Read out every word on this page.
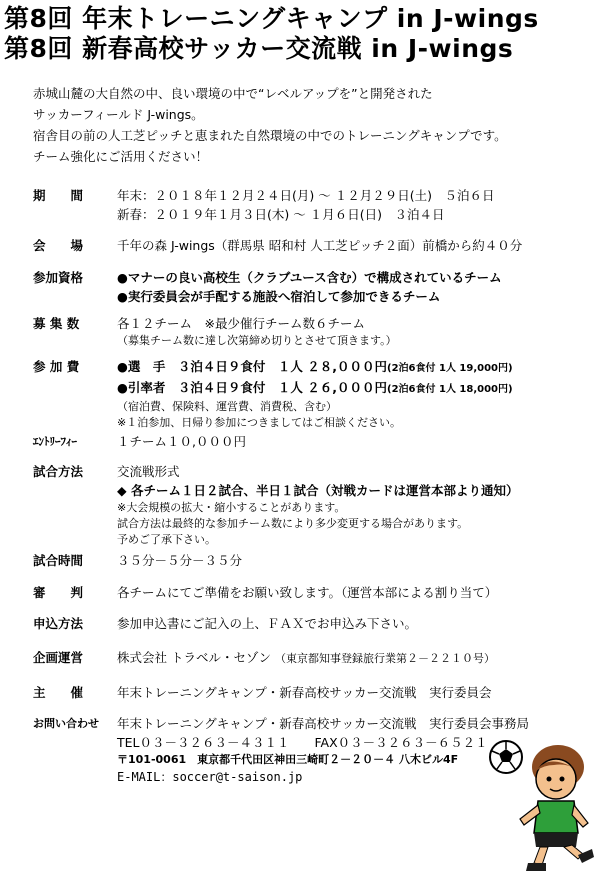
第8回 年末トレーニングキャンプ in J-wings
第8回 新春高校サッカー交流戦 in J-wings
赤城山麓の大自然の中、良い環境の中で“レベルアップを”と開発された
サッカーフィールド J-wings。
宿舎目の前の人工芝ピッチと恵まれた自然環境の中でのトレーニングキャンプです。
チーム強化にご活用ください！
期　　間	年末：２０１８年１２月２４日(月) ～ １２月２９日(土)　５泊６日
新春：２０１９年１月３日(木) ～ １月６日(日)　３泊４日
会　　場	千年の森 J-wings（群馬県 昭和村 人工芝ピッチ２面）前橋から約４０分
参加資格	●マナーの良い高校生（クラブユース含む）で構成されているチーム
●実行委員会が手配する施設へ宿泊して参加できるチーム
募 集 数	各１２チーム　※最少催行チーム数６チーム
（募集チーム数に達し次第締め切りとさせて頂きます。）
参 加 費	●選　手　３泊４日９食付　１人 ２８,０００円(2泊6食付 1人 19,000円)
●引率者　３泊４日９食付　１人 ２６,０００円(2泊6食付 1人 18,000円)
（宿泊費、保険料、運営費、消費税、含む）
※１泊参加、日帰り参加につきましてはご相談ください。
ｴﾝﾄﾘｰﾌｨｰ	１チーム１０,０００円
試合方法	交流戦形式
◆ 各チーム１日２試合、半日１試合（対戦カードは運営本部より通知）
※大会規模の拡大・縮小することがあります。
試合方法は最終的な参加チーム数により多少変更する場合があります。
予めご了承下さい。
試合時間	３５分－５分－３５分
審　　判	各チームにてご準備をお願い致します。（運営本部による割り当て）
申込方法	参加申込書にご記入の上、ＦＡＸでお申込み下さい。
企画運営	株式会社 トラベル・セゾン （東京都知事登録旅行業第２－２２１０号）
主　　催	年末トレーニングキャンプ・新春高校サッカー交流戦　実行委員会
お問い合わせ	年末トレーニングキャンプ・新春高校サッカー交流戦　実行委員会事務局
TEL０３－３２６３－４３１１　　FAX０３－３２６３－６５２１
〒101-0061　東京都千代田区神田三崎町２－２０－４ 八木ビル4F
E-MAIL：soccer@t-saison.jp
